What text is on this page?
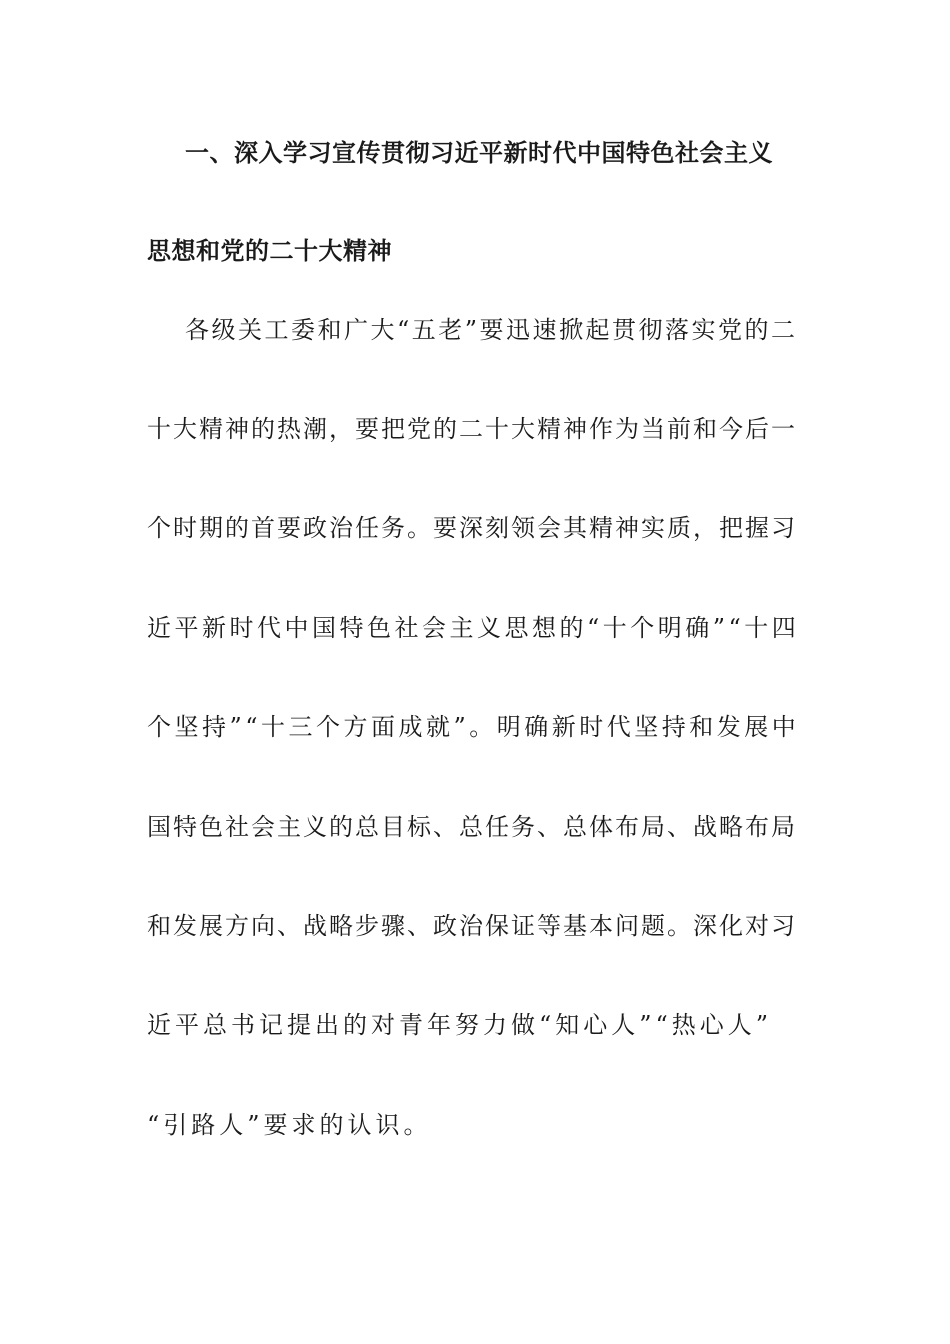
一、深入学习宣传贯彻习近平新时代中国特色社会主义
思想和党的二十大精神
各级关工委和广大“五老”要迅速掀起贯彻落实党的二
十大精神的热潮，要把党的二十大精神作为当前和今后一
个时期的首要政治任务。要深刻领会其精神实质，把握习
近平新时代中国特色社会主义思想的“十个明确”“十四
个坚持”“十三个方面成就”。明确新时代坚持和发展中
国特色社会主义的总目标、总任务、总体布局、战略布局
和发展方向、战略步骤、政治保证等基本问题。深化对习
近平总书记提出的对青年努力做“知心人”“热心人”
“引路人”要求的认识。
